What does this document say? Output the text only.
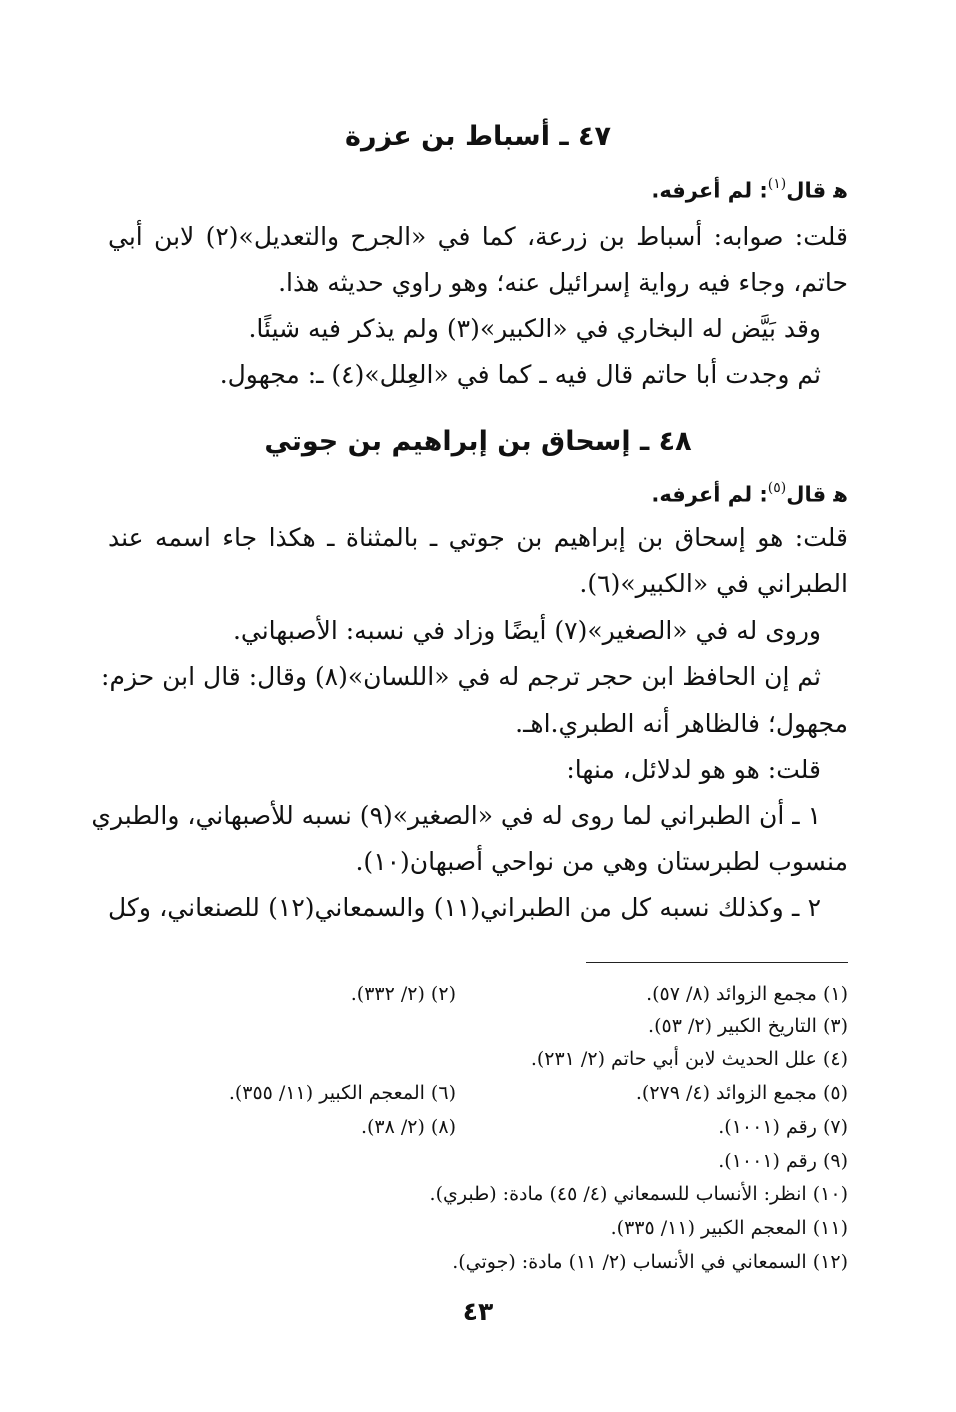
٤٧ ـ أسباط بن عزرة
ﻫ قال$^{(١)}$: لم أعرفه.
قلت: صوابه: أسباط بن زرعة، كما في «الجرح والتعديل»(٢) لابن أبي
حاتم، وجاء فيه رواية إسرائيل عنه؛ وهو راوي حديثه هذا.
وقد بَيَّض له البخاري في «الكبير»(٣) ولم يذكر فيه شيئًا.
ثم وجدت أبا حاتم قال فيه ـ كما في «العِلل»(٤) ـ: مجهول.
٤٨ ـ إسحاق بن إبراهيم بن جوتي
ﻫ قال$^{(٥)}$: لم أعرفه.
قلت: هو إسحاق بن إبراهيم بن جوتي ـ بالمثناة ـ هكذا جاء اسمه عند
الطبراني في «الكبير»(٦).
وروى له في «الصغير»(٧) أيضًا وزاد في نسبه: الأصبهاني.
ثم إن الحافظ ابن حجر ترجم له في «اللسان»(٨) وقال: قال ابن حزم:
مجهول؛ فالظاهر أنه الطبري.اهـ.
قلت: هو هو لدلائل، منها:
١ ـ أن الطبراني لما روى له في «الصغير»(٩) نسبه للأصبهاني، والطبري
منسوب لطبرستان وهي من نواحي أصبهان(١٠).
٢ ـ وكذلك نسبه كل من الطبراني(١١) والسمعاني(١٢) للصنعاني، وكل
(١) مجمع الزوائد (٨/ ٥٧).
(٢) (٢/ ٣٣٢).
(٣) التاريخ الكبير (٢/ ٥٣).
(٤) علل الحديث لابن أبي حاتم (٢/ ٢٣١).
(٥) مجمع الزوائد (٤/ ٢٧٩).
(٦) المعجم الكبير (١١/ ٣٥٥).
(٧) رقم (١٠٠١).
(٨) (٢/ ٣٨).
(٩) رقم (١٠٠١).
(١٠) انظر: الأنساب للسمعاني (٤/ ٤٥) مادة: (طبري).
(١١) المعجم الكبير (١١/ ٣٣٥).
(١٢) السمعاني في الأنساب (٢/ ١١) مادة: (جوتي).
٤٣
